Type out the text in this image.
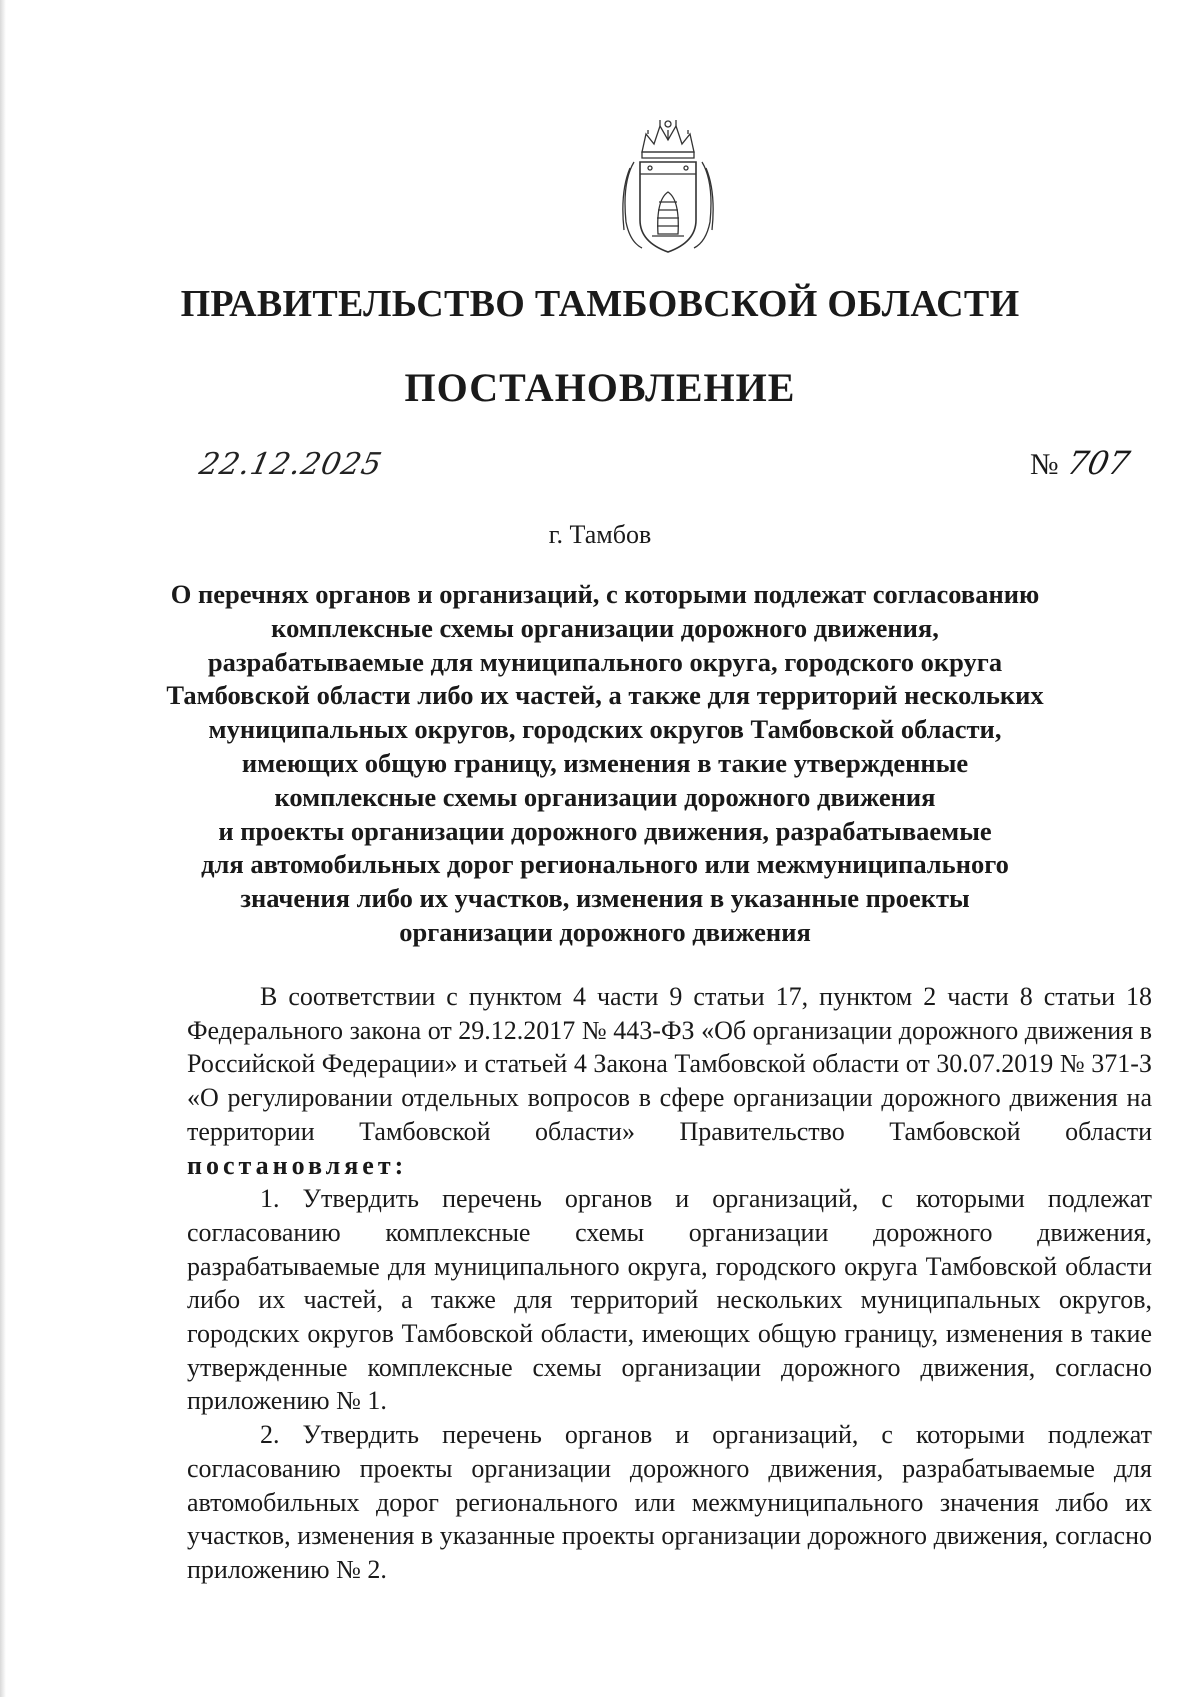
ПРАВИТЕЛЬСТВО ТАМБОВСКОЙ ОБЛАСТИ
ПОСТАНОВЛЕНИЕ
22.12.2025	№ 707
г. Тамбов
О перечнях органов и организаций, с которыми подлежат согласованию
комплексные схемы организации дорожного движения,
разрабатываемые для муниципального округа, городского округа
Тамбовской области либо их частей, а также для территорий нескольких
муниципальных округов, городских округов Тамбовской области,
имеющих общую границу, изменения в такие утвержденные
комплексные схемы организации дорожного движения
и проекты организации дорожного движения, разрабатываемые
для автомобильных дорог регионального или межмуниципального
значения либо их участков, изменения в указанные проекты
организации дорожного движения

В соответствии с пунктом 4 части 9 статьи 17, пунктом 2 части 8 статьи 18 Федерального закона от 29.12.2017 № 443-ФЗ «Об организации дорожного движения в Российской Федерации» и статьей 4 Закона Тамбовской области от 30.07.2019 № 371-З «О регулировании отдельных вопросов в сфере организации дорожного движения на территории Тамбовской области» Правительство Тамбовской области постановляет:

1. Утвердить перечень органов и организаций, с которыми подлежат согласованию комплексные схемы организации дорожного движения, разрабатываемые для муниципального округа, городского округа Тамбовской области либо их частей, а также для территорий нескольких муниципальных округов, городских округов Тамбовской области, имеющих общую границу, изменения в такие утвержденные комплексные схемы организации дорожного движения, согласно приложению № 1.

2. Утвердить перечень органов и организаций, с которыми подлежат согласованию проекты организации дорожного движения, разрабатываемые для автомобильных дорог регионального или межмуниципального значения либо их участков, изменения в указанные проекты организации дорожного движения, согласно приложению № 2.
